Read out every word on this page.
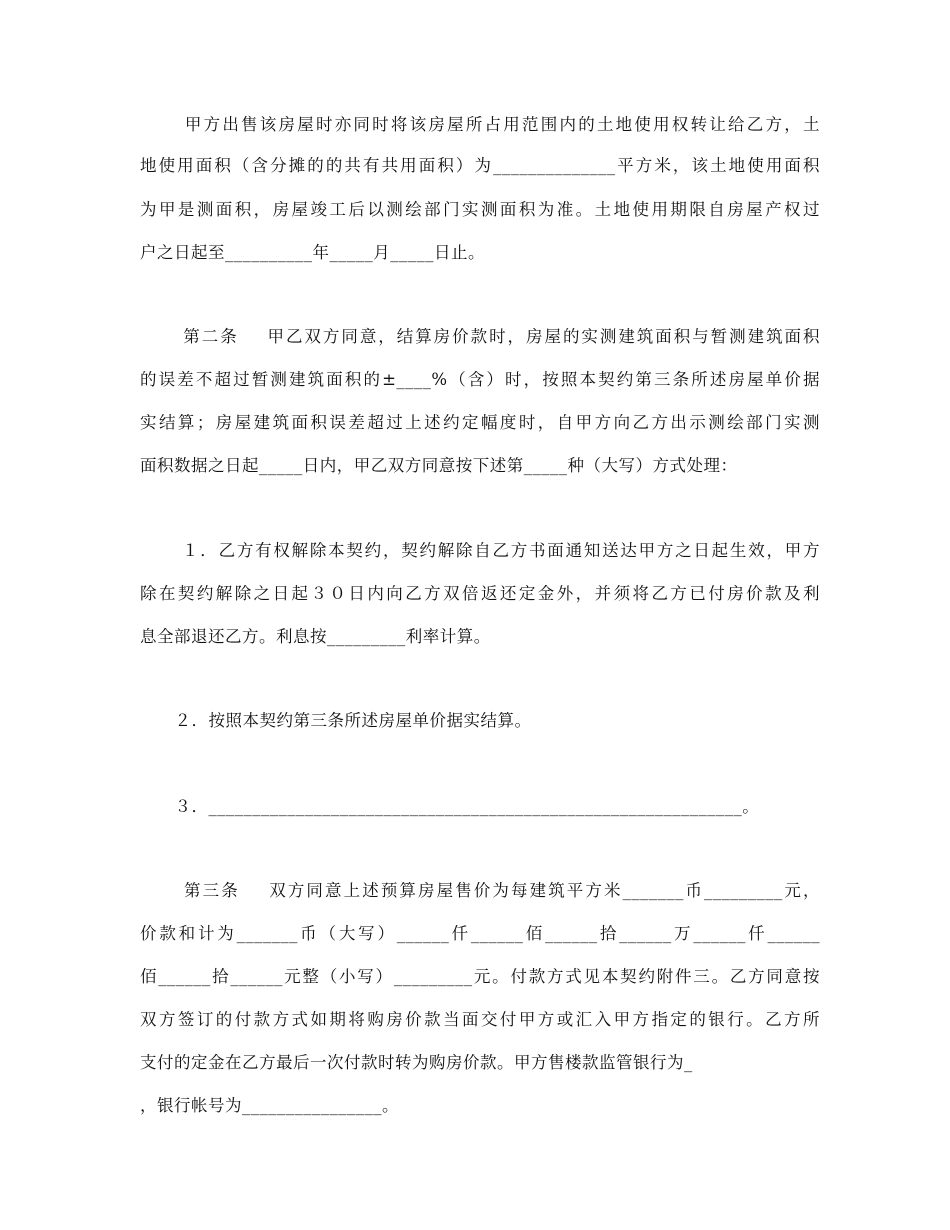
甲方出售该房屋时亦同时将该房屋所占用范围内的土地使用权转让给乙方，土
地使用面积（含分摊的的共有共用面积）为______________平方米，该土地使用面积
为甲是测面积，房屋竣工后以测绘部门实测面积为准。土地使用期限自房屋产权过
户之日起至__________年_____月_____日止。
第二条    甲乙双方同意，结算房价款时，房屋的实测建筑面积与暂测建筑面积
的误差不超过暂测建筑面积的±____%（含）时，按照本契约第三条所述房屋单价据
实结算；房屋建筑面积误差超过上述约定幅度时，自甲方向乙方出示测绘部门实测
面积数据之日起_____日内，甲乙双方同意按下述第_____种（大写）方式处理：
１．乙方有权解除本契约，契约解除自乙方书面通知送达甲方之日起生效，甲方
除在契约解除之日起３０日内向乙方双倍返还定金外，并须将乙方已付房价款及利
息全部退还乙方。利息按_________利率计算。
２．按照本契约第三条所述房屋单价据实结算。
３．_____________________________________________________________。
第三条    双方同意上述预算房屋售价为每建筑平方米_______币_________元，
价款和计为_______币（大写）______仟______佰______拾______万______仟______
佰______拾______元整（小写）_________元。付款方式见本契约附件三。乙方同意按
双方签订的付款方式如期将购房价款当面交付甲方或汇入甲方指定的银行。乙方所
支付的定金在乙方最后一次付款时转为购房价款。甲方售楼款监管银行为_
，银行帐号为________________。
